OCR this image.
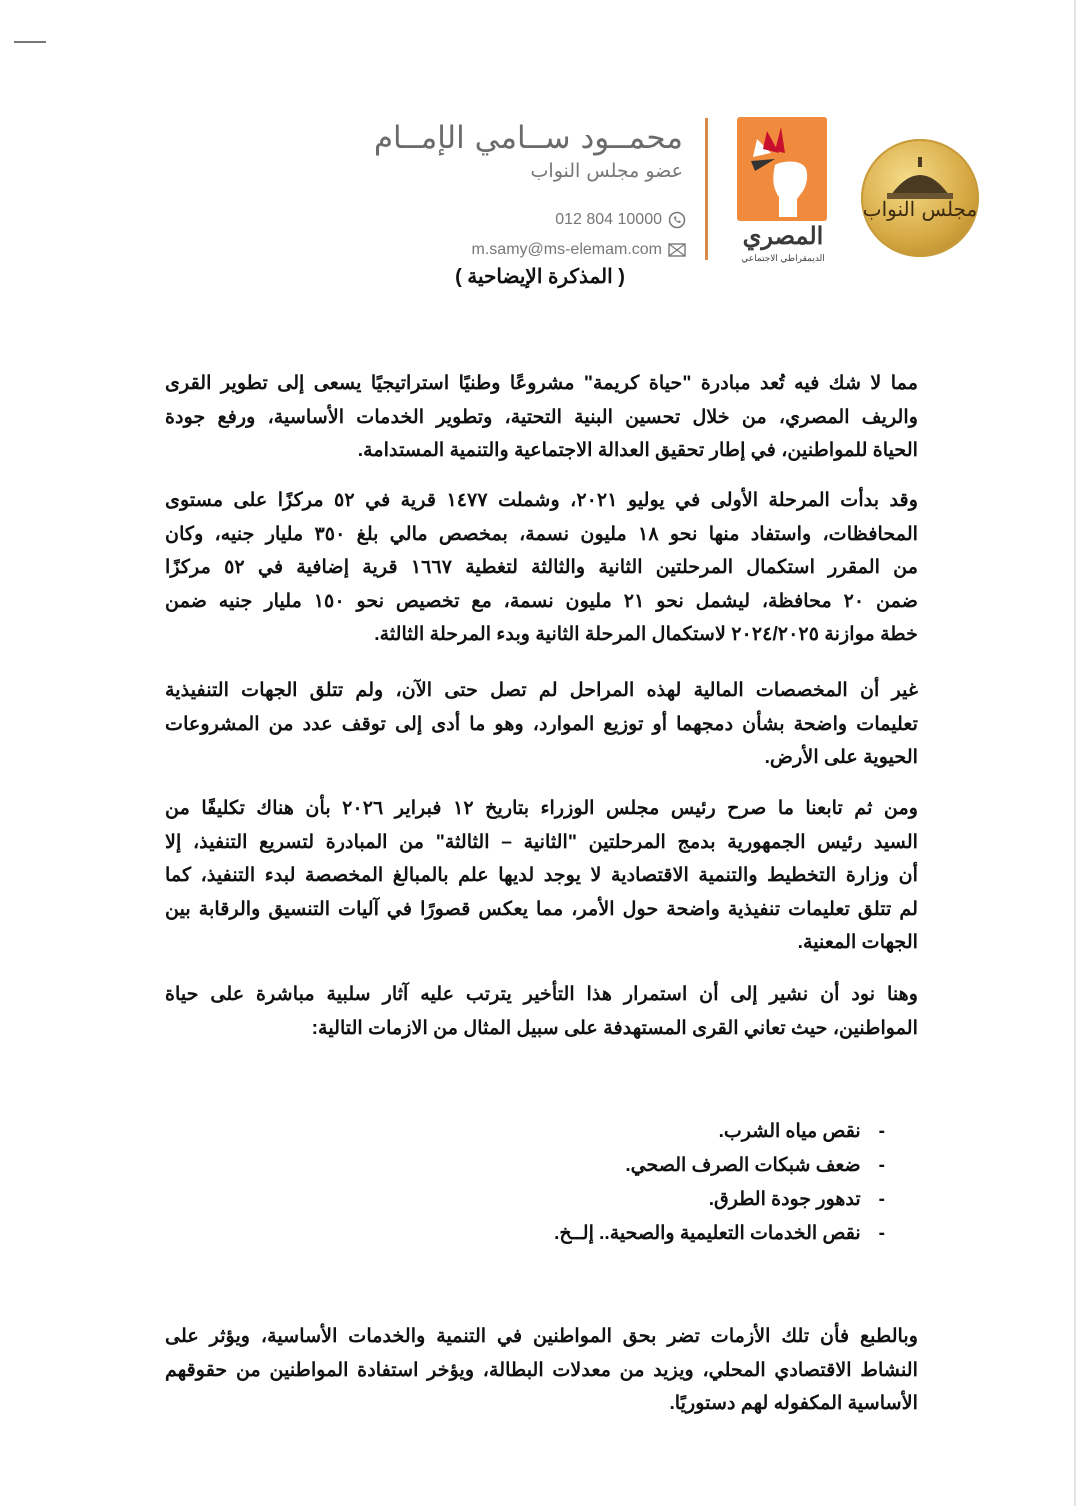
محمــود ســامي الإمــام
عضو مجلس النواب
012 804 10000
m.samy@ms-elemam.com	المصري
الديمقراطي الاجتماعي
مجلس النواب
( المذكرة الإيضاحية )
مما لا شك فيه تُعد مبادرة "حياة كريمة" مشروعًا وطنيًا استراتيجيًا يسعى إلى تطوير القرى
والريف المصري، من خلال تحسين البنية التحتية، وتطوير الخدمات الأساسية، ورفع جودة
الحياة للمواطنين، في إطار تحقيق العدالة الاجتماعية والتنمية المستدامة.
وقد بدأت المرحلة الأولى في يوليو ٢٠٢١، وشملت ١٤٧٧ قرية في ٥٢ مركزًا على مستوى
المحافظات، واستفاد منها نحو ١٨ مليون نسمة، بمخصص مالي بلغ ٣٥٠ مليار جنيه، وكان
من المقرر استكمال المرحلتين الثانية والثالثة لتغطية ١٦٦٧ قرية إضافية في ٥٢ مركزًا
ضمن ٢٠ محافظة، ليشمل نحو ٢١ مليون نسمة، مع تخصيص نحو ١٥٠ مليار جنيه ضمن
خطة موازنة ٢٠٢٤/٢٠٢٥ لاستكمال المرحلة الثانية وبدء المرحلة الثالثة.
غير أن المخصصات المالية لهذه المراحل لم تصل حتى الآن، ولم تتلق الجهات التنفيذية
تعليمات واضحة بشأن دمجهما أو توزيع الموارد، وهو ما أدى إلى توقف عدد من المشروعات
الحيوية على الأرض.
ومن ثم تابعنا ما صرح رئيس مجلس الوزراء بتاريخ ١٢ فبراير ٢٠٢٦ بأن هناك تكليفًا من
السيد رئيس الجمهورية بدمج المرحلتين "الثانية – الثالثة" من المبادرة لتسريع التنفيذ، إلا
أن وزارة التخطيط والتنمية الاقتصادية لا يوجد لديها علم بالمبالغ المخصصة لبدء التنفيذ، كما
لم تتلق تعليمات تنفيذية واضحة حول الأمر، مما يعكس قصورًا في آليات التنسيق والرقابة بين
الجهات المعنية.
وهنا نود أن نشير إلى أن استمرار هذا التأخير يترتب عليه آثار سلبية مباشرة على حياة
المواطنين، حيث تعاني القرى المستهدفة على سبيل المثال من الازمات التالية:
وبالطبع فأن تلك الأزمات تضر بحق المواطنين في التنمية والخدمات الأساسية، ويؤثر على
النشاط الاقتصادي المحلي، ويزيد من معدلات البطالة، ويؤخر استفادة المواطنين من حقوقهم
الأساسية المكفوله لهم دستوريًا.
-
نقص مياه الشرب.
-
ضعف شبكات الصرف الصحي.
-
تدهور جودة الطرق.
-
نقص الخدمات التعليمية والصحية.. إلــخ.
